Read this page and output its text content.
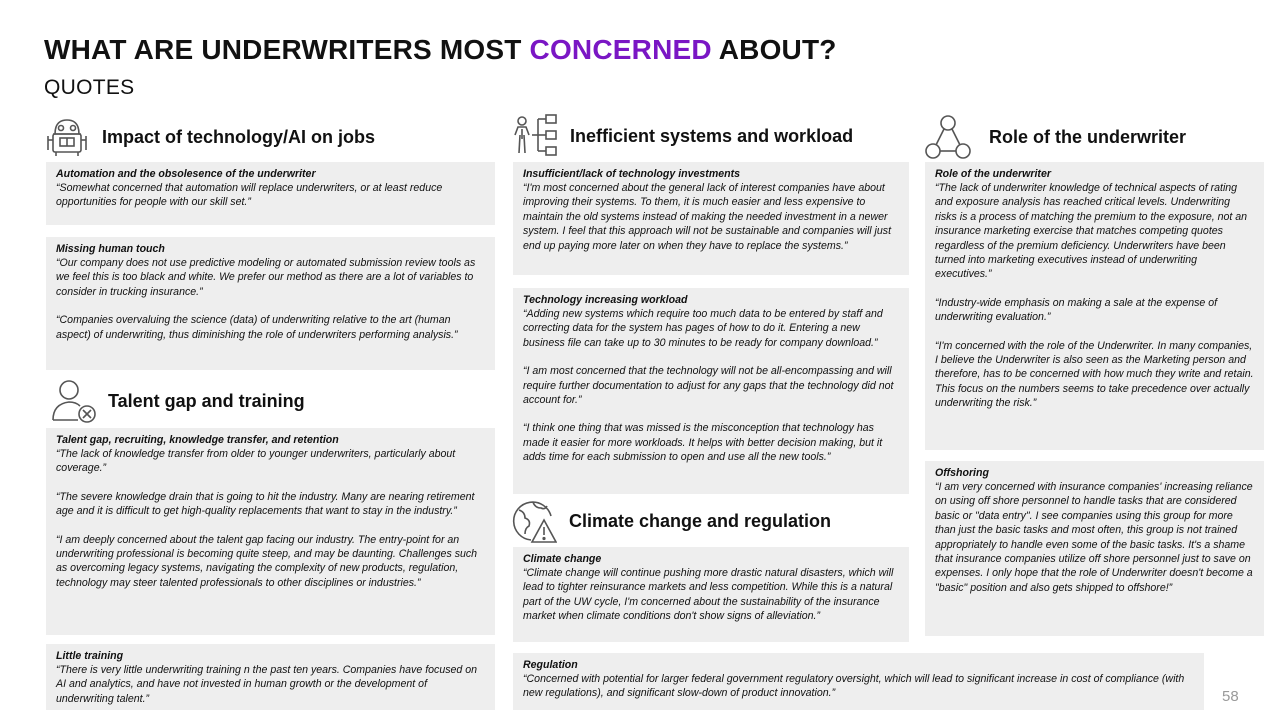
WHAT ARE UNDERWRITERS MOST CONCERNED ABOUT?
QUOTES
Impact of technology/AI on jobs
Automation and the obsolesence of the underwriter
“Somewhat concerned that automation will replace underwriters, or at least reduce opportunities for people with our skill set.”
Missing human touch
“Our company does not use predictive modeling or automated submission review tools as we feel this is too black and white. We prefer our method as there are a lot of variables to consider in trucking insurance.”
“Companies overvaluing the science (data) of underwriting relative to the art (human aspect) of underwriting, thus diminishing the role of underwriters performing analysis.”
Talent gap and training
Talent gap, recruiting, knowledge transfer, and retention
“The lack of knowledge transfer from older to younger underwriters, particularly about coverage.”
“The severe knowledge drain that is going to hit the industry. Many are nearing retirement age and it is difficult to get high-quality replacements that want to stay in the industry.”
“I am deeply concerned about the talent gap facing our industry. The entry-point for an underwriting professional is becoming quite steep, and may be daunting. Challenges such as overcoming legacy systems, navigating the complexity of new products, regulation, technology may steer talented professionals to other disciplines or industries.”
Little training
“There is very little underwriting training n the past ten years. Companies have focused on AI and analytics, and have not invested in human growth or the development of underwriting talent.”
Inefficient systems and workload
Insufficient/lack of technology investments
“I'm most concerned about the general lack of interest companies have about improving their systems. To them, it is much easier and less expensive to maintain the old systems instead of making the needed investment in a newer system. I feel that this approach will not be sustainable and companies will just end up paying more later on when they have to replace the systems.”
Technology increasing workload
“Adding new systems which require too much data to be entered by staff and correcting data for the system has pages of how to do it. Entering a new business file can take up to 30 minutes to be ready for company download.”
“I am most concerned that the technology will not be all-encompassing and will require further documentation to adjust for any gaps that the technology did not account for.”
“I think one thing that was missed is the misconception that technology has made it easier for more workloads. It helps with better decision making, but it adds time for each submission to open and use all the new tools.”
Climate change and regulation
Climate change
“Climate change will continue pushing more drastic natural disasters, which will lead to tighter reinsurance markets and less competition. While this is a natural part of the UW cycle, I'm concerned about the sustainability of the insurance market when climate conditions don't show signs of alleviation.”
Regulation
“Concerned with potential for larger federal government regulatory oversight, which will lead to significant increase in cost of compliance (with new regulations), and significant slow-down of product innovation.”
Role of the underwriter
Role of the underwriter
“The lack of underwriter knowledge of technical aspects of rating and exposure analysis has reached critical levels. Underwriting risks is a process of matching the premium to the exposure, not an insurance marketing exercise that matches competing quotes regardless of the premium deficiency. Underwriters have been turned into marketing executives instead of underwriting executives.”
“Industry-wide emphasis on making a sale at the expense of underwriting evaluation.”
“I'm concerned with the role of the Underwriter. In many companies, I believe the Underwriter is also seen as the Marketing person and therefore, has to be concerned with how much they write and retain. This focus on the numbers seems to take precedence over actually underwriting the risk.”
Offshoring
“I am very concerned with insurance companies' increasing reliance on using off shore personnel to handle tasks that are considered basic or "data entry". I see companies using this group for more than just the basic tasks and most often, this group is not trained appropriately to handle even some of the basic tasks. It's a shame that insurance companies utilize off shore personnel just to save on expenses. I only hope that the role of Underwriter doesn't become a "basic" position and also gets shipped to offshore!”
58
